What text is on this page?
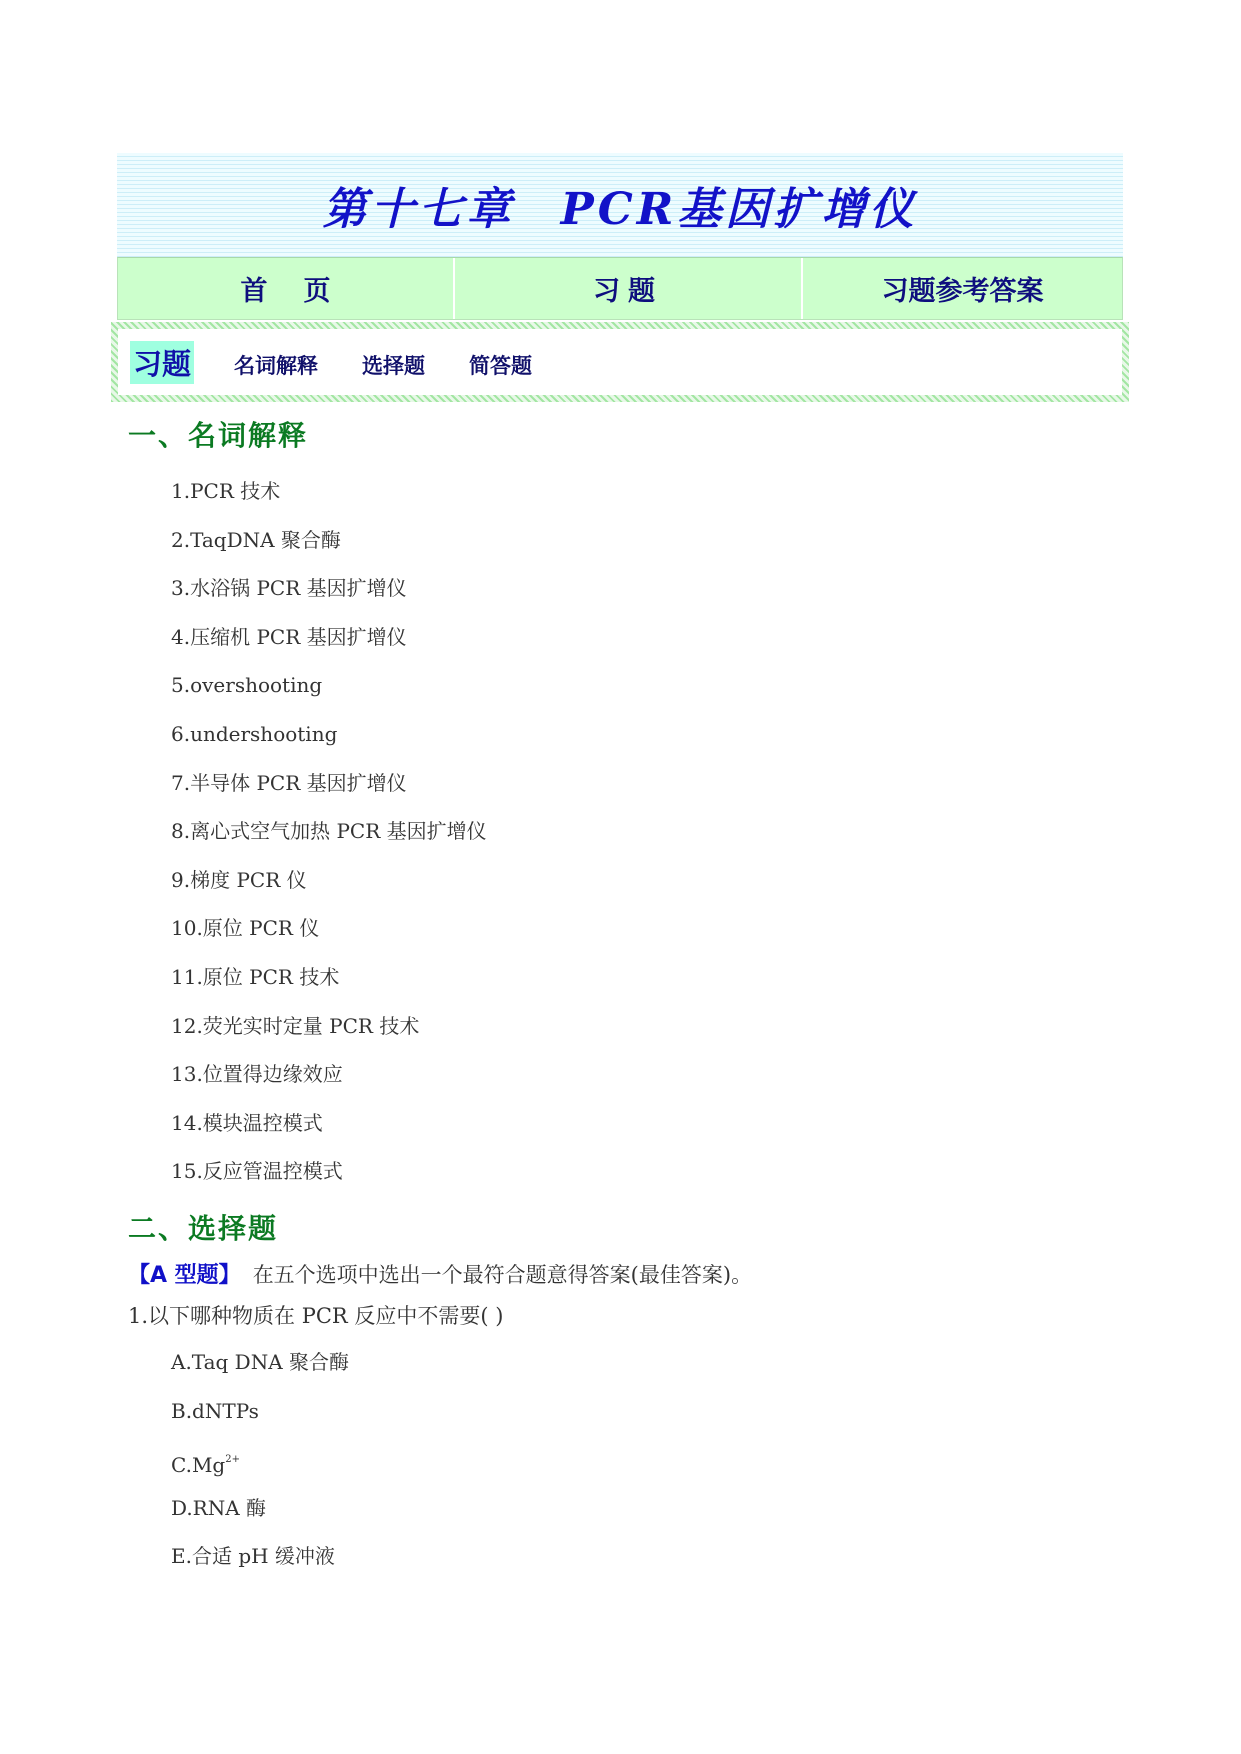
第十七章 PCR基因扩增仪
首页	习题	习题参考答案
习题 名词解释 选择题 简答题
一、名词解释
1.PCR 技术
2.TaqDNA 聚合酶
3.水浴锅 PCR 基因扩增仪
4.压缩机 PCR 基因扩增仪
5.overshooting
6.undershooting
7.半导体 PCR 基因扩增仪
8.离心式空气加热 PCR 基因扩增仪
9.梯度 PCR 仪
10.原位 PCR 仪
11.原位 PCR 技术
12.荧光实时定量 PCR 技术
13.位置得边缘效应
14.模块温控模式
15.反应管温控模式
二、选择题
【A 型题】 在五个选项中选出一个最符合题意得答案(最佳答案)。
1.以下哪种物质在 PCR 反应中不需要( )
A.Taq DNA 聚合酶
B.dNTPs
$C.Mg^{2+}$
D.RNA 酶
E.合适 pH 缓冲液
